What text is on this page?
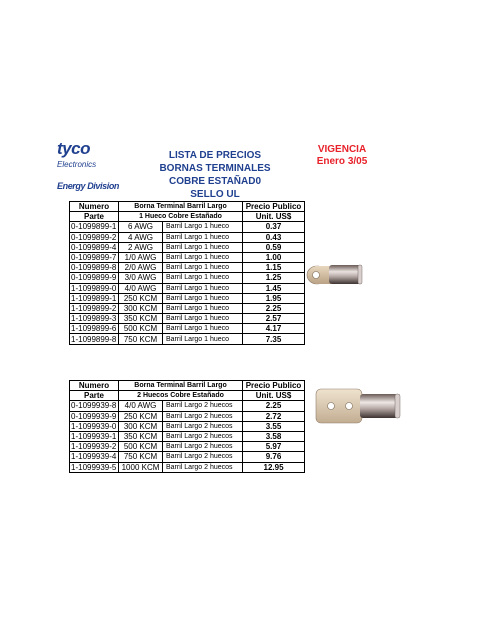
tyco
Electronics
Energy Division
LISTA DE PRECIOS
BORNAS TERMINALES
COBRE ESTAÑAD0
SELLO UL
VIGENCIA
Enero 3/05
Numero	Borna Terminal Barril Largo		Precio Publico
Parte	1 Hueco Cobre Estañado		Unit. US$
0-1099899-1	6 AWG	Barril Largo 1 hueco	0.37
0-1099899-2	4 AWG	Barril Largo 1 hueco	0.43
0-1099899-4	2 AWG	Barril Largo 1 hueco	0.59
0-1099899-7	1/0 AWG	Barril Largo 1 hueco	1.00
0-1099899-8	2/0 AWG	Barril Largo 1 hueco	1.15
0-1099899-9	3/0 AWG	Barril Largo 1 hueco	1.25
1-1099899-0	4/0 AWG	Barril Largo 1 hueco	1.45
1-1099899-1	250 KCM	Barril Largo 1 hueco	1.95
1-1099899-2	300 KCM	Barril Largo 1 hueco	2.25
1-1099899-3	350 KCM	Barril Largo 1 hueco	2.57
1-1099899-6	500 KCM	Barril Largo 1 hueco	4.17
1-1099899-8	750 KCM	Barril Largo 1 hueco	7.35
Numero	Borna Terminal Barril Largo		Precio Publico
Parte	2 Huecos Cobre Estañado		Unit. US$
0-1099939-8	4/0 AWG	Barril Largo 2 huecos	2.25
0-1099939-9	250 KCM	Barril Largo 2 huecos	2.72
1-1099939-0	300 KCM	Barril Largo 2 huecos	3.55
1-1099939-1	350 KCM	Barril Largo 2 huecos	3.58
1-1099939-2	500 KCM	Barril Largo 2 huecos	5.97
1-1099939-4	750 KCM	Barril Largo 2 huecos	9.76
1-1099939-5	1000 KCM	Barril Largo 2 huecos	12.95
